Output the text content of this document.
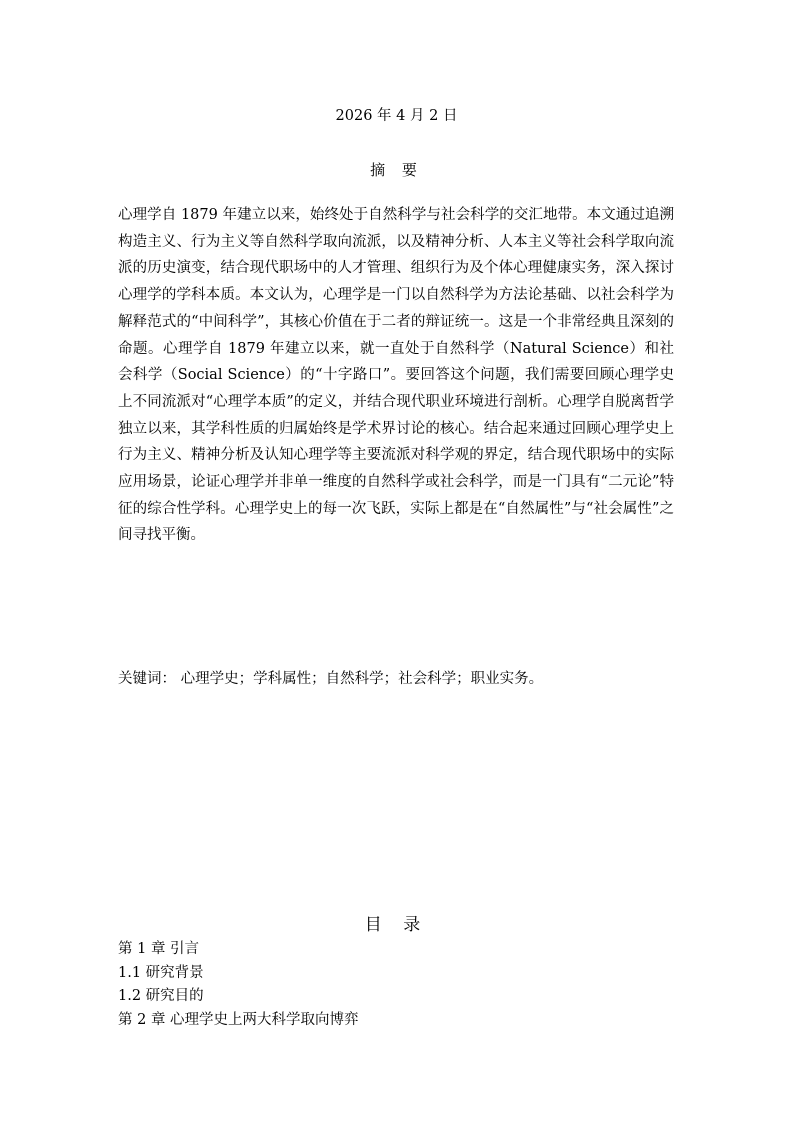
2026 年 4 月 2 日
摘 要

心理学自 1879 年建立以来，始终处于自然科学与社会科学的交汇地带。本文通过追溯构造主义、行为主义等自然科学取向流派，以及精神分析、人本主义等社会科学取向流派的历史演变，结合现代职场中的人才管理、组织行为及个体心理健康实务，深入探讨心理学的学科本质。本文认为，心理学是一门以自然科学为方法论基础、以社会科学为解释范式的“中间科学”，其核心价值在于二者的辩证统一。这是一个非常经典且深刻的命题。心理学自 1879 年建立以来，就一直处于自然科学（Natural Science）和社会科学（Social Science）的“十字路口”。要回答这个问题，我们需要回顾心理学史上不同流派对“心理学本质”的定义，并结合现代职业环境进行剖析。心理学自脱离哲学独立以来，其学科性质的归属始终是学术界讨论的核心。结合起来通过回顾心理学史上行为主义、精神分析及认知心理学等主要流派对科学观的界定，结合现代职场中的实际应用场景，论证心理学并非单一维度的自然科学或社会科学，而是一门具有“二元论”特征的综合性学科。心理学史上的每一次飞跃，实际上都是在“自然属性”与“社会属性”之间寻找平衡。

关键词： 心理学史；学科属性；自然科学；社会科学；职业实务。

目 录
第 1 章 引言
1.1 研究背景
1.2 研究目的
第 2 章 心理学史上两大科学取向博弈
